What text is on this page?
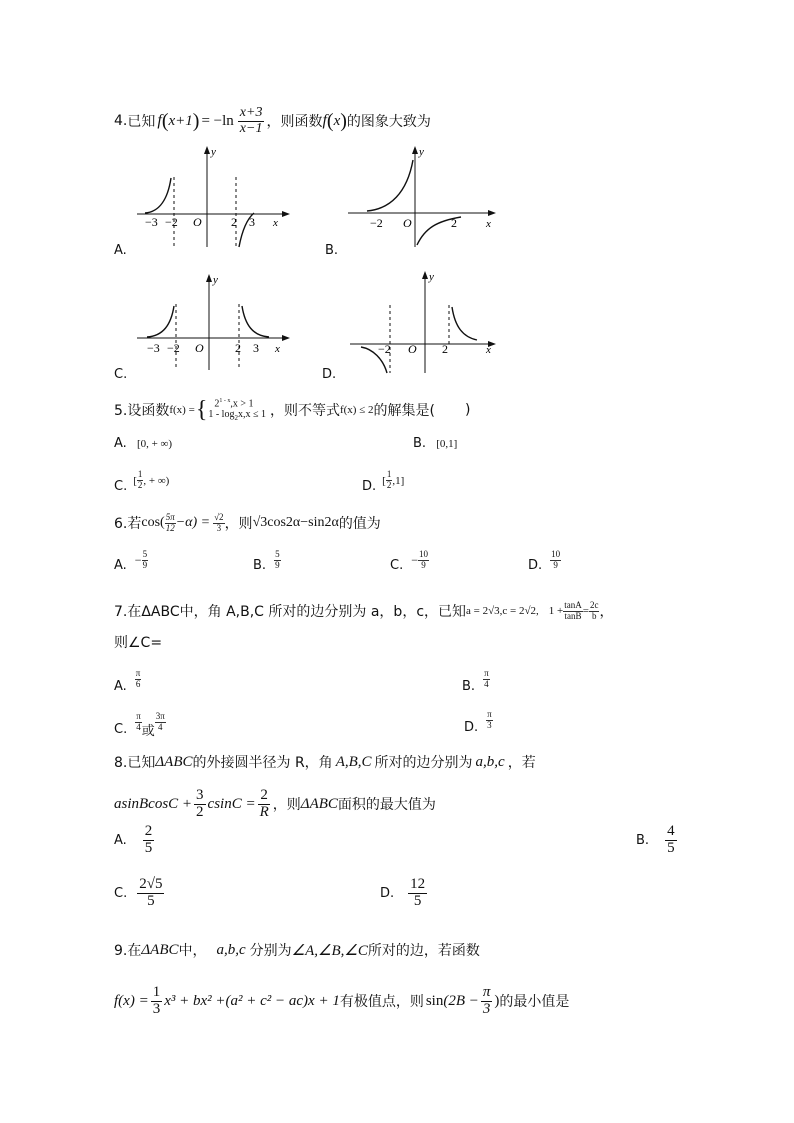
4. 已知 f ( x+1 ) = $-\ln \frac{x+3}{x-1}$ ，则函数 f ( x ) 的图象大致为
y
x
−3 −2 O 2 3
A.
y
x
−2 O	2
B.
y
x
−3 −2 O	2 3
C.
y
x
−2 O 2
D.
5.设函数 f(x) = { $2^{1 - x},x > 1$
$1 - \log_2x,x \le 1$ ，则不等式 f(x) ≤ 2 的解集是( )
A. [0, + ∞)	B. [0,1]
C. [ $\frac{1}{2}$ , + ∞)	D. [ $\frac{1}{2} ,1$]
6.若 $\cos( \frac{5\pi}{12} -\alpha) = \frac{√2}{3}$ ，则 √3cos2α−sin2α 的值为
A. − $\frac{5}{9}$	B. $\frac{5}{9}$	C. − $\frac{10}{9}$	D. $\frac{10}{9}$
7.在ΔABC中，角 A,B,C 所对的边分别为 a，b，c，已知 a = 2√3,c = 2√2, $1 + \frac{\tan A}{\tan B} = \frac{2c}{b}$ ，
则∠C=
A. $\frac{\pi}{6}$	B. $\frac{\pi}{4}$
C.
π
4 或
3π
4	D. $\frac{\pi}{3}$
8.已知 ΔABC 的外接圆半径为 R，角 A,B,C 所对的边分别为 a,b,c ，若
asinBcosC + $\frac{3}{2}$ $csinC = \frac{2}{R}$ ，则 ΔABC 面积的最大值为
A. $\frac{2}{5}$	B. $\frac{4}{5}$
C. $\frac{2√5}{5}$	D. $\frac{12}{5}$
9.在 ΔABC 中， a,b,c 分别为 ∠A,∠B,∠C 所对的边，若函数
$f(x) = \frac{1}{3} x^3 + bx^2 + (a^2 + c^2 - ac)x + 1$ 有极值点，则 $\sin (2B - \frac{\pi}{3}$ ) 的最小值是
